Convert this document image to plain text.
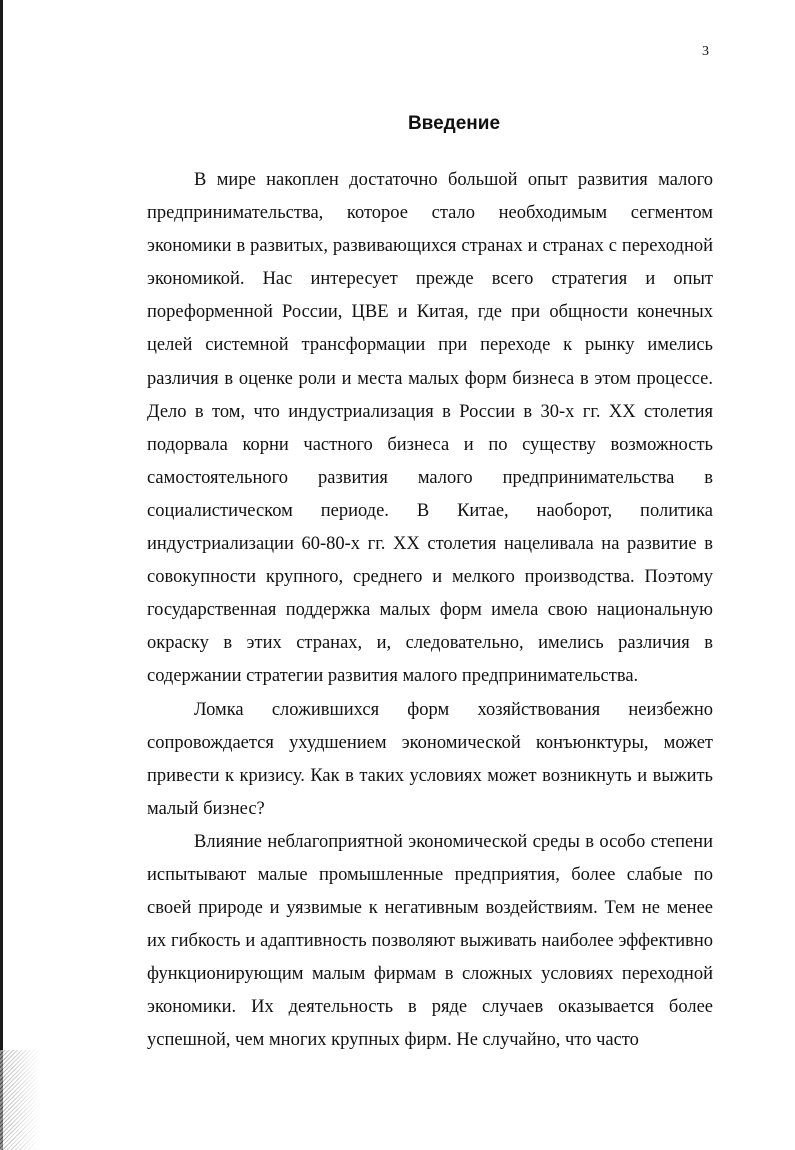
3
Введение

В мире накоплен достаточно большой опыт развития малого предпринимательства, которое стало необходимым сегментом экономики в развитых, развивающихся странах и странах с переходной экономикой. Нас интересует прежде всего стратегия и опыт пореформенной России, ЦВЕ и Китая, где при общности конечных целей системной трансформации при переходе к рынку имелись различия в оценке роли и места малых форм бизнеса в этом процессе. Дело в том, что индустриализация в России в 30-х гг. XX столетия подорвала корни частного бизнеса и по существу возможность самостоятельного развития малого предпринимательства в социалистическом периоде. В Китае, наоборот, политика индустриализации 60-80-х гг. XX столетия нацеливала на развитие в совокупности крупного, среднего и мелкого производства. Поэтому государственная поддержка малых форм имела свою национальную окраску в этих странах, и, следовательно, имелись различия в содержании стратегии развития малого предпринимательства.

Ломка сложившихся форм хозяйствования неизбежно сопровождается ухудшением экономической конъюнктуры, может привести к кризису. Как в таких условиях может возникнуть и выжить малый бизнес?

Влияние неблагоприятной экономической среды в особо степени испытывают малые промышленные предприятия, более слабые по своей природе и уязвимые к негативным воздействиям. Тем не менее их гибкость и адаптивность позволяют выживать наиболее эффективно функционирующим малым фирмам в сложных условиях переходной экономики. Их деятельность в ряде случаев оказывается более успешной, чем многих крупных фирм. Не случайно, что часто
